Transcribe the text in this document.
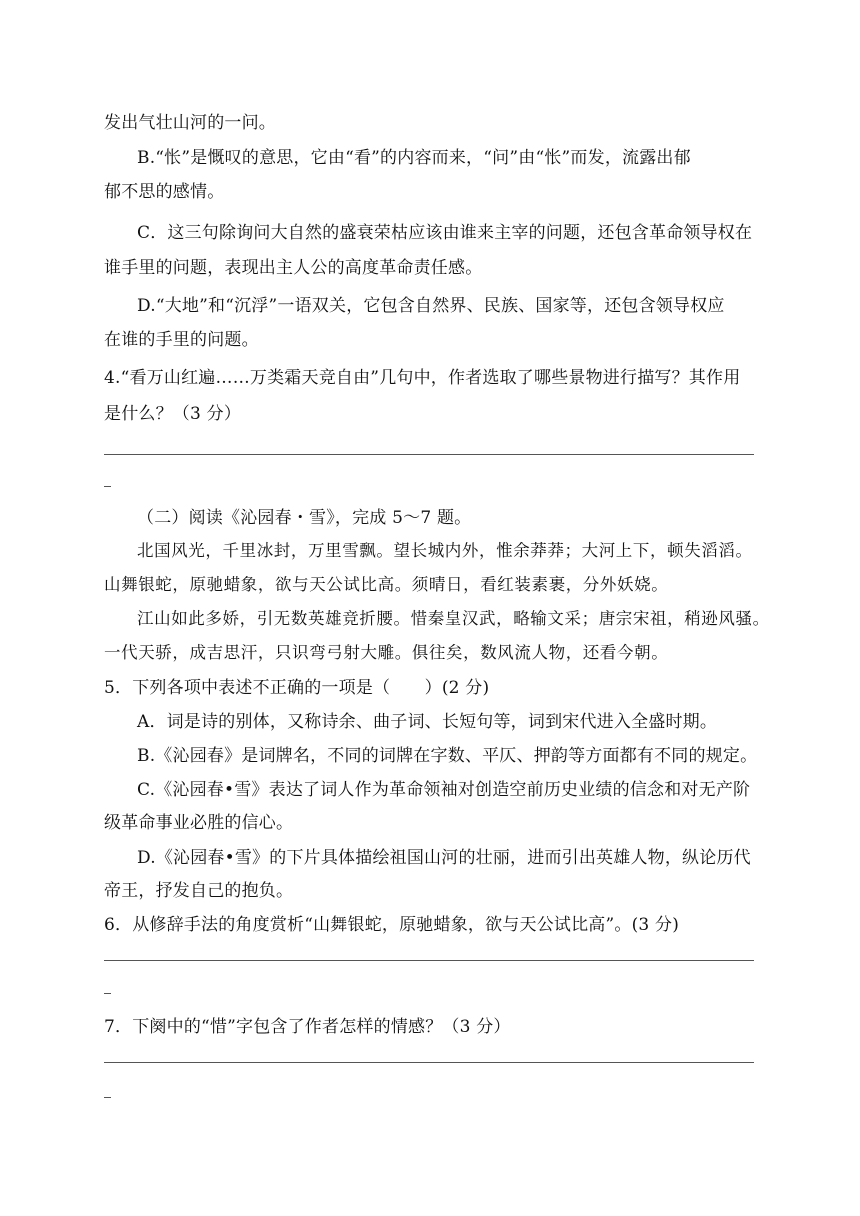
发出气壮山河的一问。
B.“怅”是慨叹的意思，它由“看”的内容而来，“问”由“怅”而发，流露出郁
郁不思的感情。
C．这三句除询问大自然的盛衰荣枯应该由谁来主宰的问题，还包含革命领导权在
谁手里的问题，表现出主人公的高度革命责任感。
D.“大地”和“沉浮”一语双关，它包含自然界、民族、国家等，还包含领导权应
在谁的手里的问题。
4.“看万山红遍……万类霜天竞自由”几句中，作者选取了哪些景物进行描写？其作用
是什么？（3 分）
（二）阅读《沁园春・雪》，完成 5～7 题。
北国风光，千里冰封，万里雪飘。望长城内外，惟余莽莽；大河上下，顿失滔滔。
山舞银蛇，原驰蜡象，欲与天公试比高。须晴日，看红装素裹，分外妖娆。
江山如此多娇，引无数英雄竞折腰。惜秦皇汉武，略输文采；唐宗宋祖，稍逊风骚。
一代天骄，成吉思汗，只识弯弓射大雕。俱往矣，数风流人物，还看今朝。
5．下列各项中表述不正确的一项是（　　）(2 分)
A．词是诗的别体，又称诗余、曲子词、长短句等，词到宋代进入全盛时期。
B.《沁园春》是词牌名，不同的词牌在字数、平仄、押韵等方面都有不同的规定。
C.《沁园春•雪》表达了词人作为革命领袖对创造空前历史业绩的信念和对无产阶
级革命事业必胜的信心。
D.《沁园春•雪》的下片具体描绘祖国山河的壮丽，进而引出英雄人物，纵论历代
帝王，抒发自己的抱负。
6．从修辞手法的角度赏析“山舞银蛇，原驰蜡象，欲与天公试比高”。(3 分)
7．下阕中的“惜”字包含了作者怎样的情感？（3 分）
